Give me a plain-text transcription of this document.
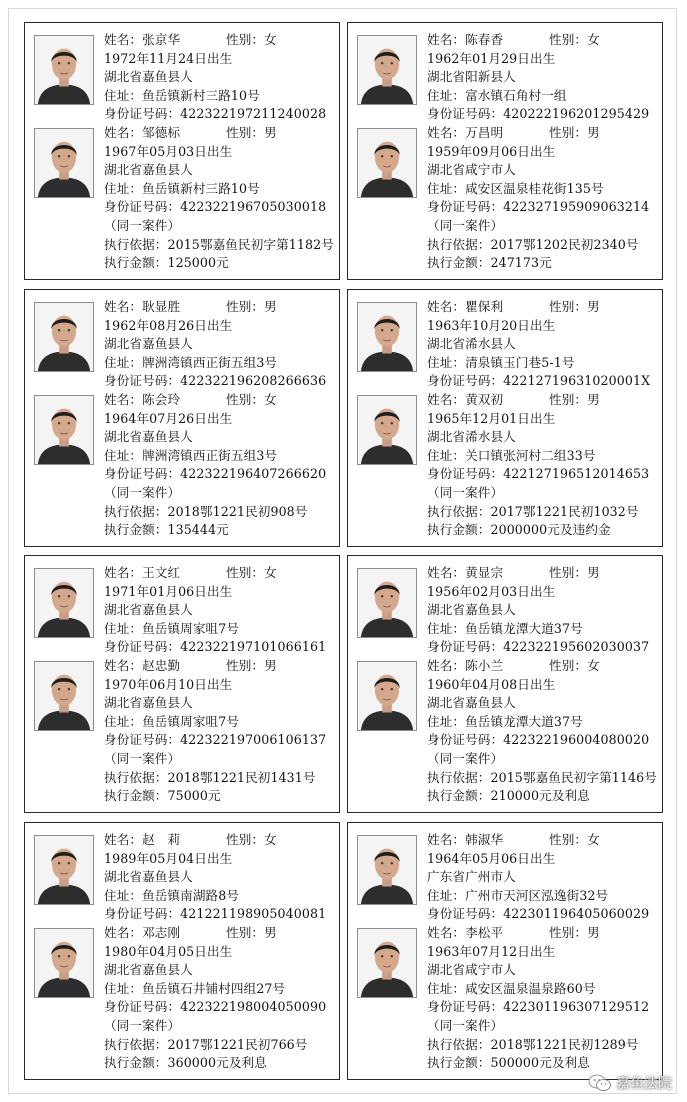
姓名：张京华	性别：女
1972年11月24日出生
湖北省嘉鱼县人
住址：鱼岳镇新村三路10号
身份证号码：422322197211240028
姓名：邹德标	性别：男
1967年05月03日出生
湖北省嘉鱼县人
住址：鱼岳镇新村三路10号
身份证号码：422322196705030018
（同一案件）
执行依据：2015鄂嘉鱼民初字第1182号
执行金额：125000元
姓名：陈春香	性别：女
1962年01月29日出生
湖北省阳新县人
住址：富水镇石角村一组
身份证号码：420222196201295429
姓名：万昌明	性别：男
1959年09月06日出生
湖北省咸宁市人
住址：咸安区温泉桂花街135号
身份证号码：422327195909063214
（同一案件）
执行依据：2017鄂1202民初2340号
执行金额：247173元
姓名：耿显胜	性别：男
1962年08月26日出生
湖北省嘉鱼县人
住址：牌洲湾镇西正街五组3号
身份证号码：422322196208266636
姓名：陈会玲	性别：女
1964年07月26日出生
湖北省嘉鱼县人
住址：牌洲湾镇西正街五组3号
身份证号码：422322196407266620
（同一案件）
执行依据：2018鄂1221民初908号
执行金额：135444元
姓名：瞿保利	性别：男
1963年10月20日出生
湖北省浠水县人
住址：清泉镇玉门巷5-1号
身份证号码：42212719631020001X
姓名：黄双初	性别：男
1965年12月01日出生
湖北省浠水县人
住址：关口镇张河村二组33号
身份证号码：422127196512014653
（同一案件）
执行依据：2017鄂1221民初1032号
执行金额：2000000元及违约金
姓名：王文红	性别：女
1971年01月06日出生
湖北省嘉鱼县人
住址：鱼岳镇周家咀7号
身份证号码：422322197101066161
姓名：赵忠勤	性别：男
1970年06月10日出生
湖北省嘉鱼县人
住址：鱼岳镇周家咀7号
身份证号码：422322197006106137
（同一案件）
执行依据：2018鄂1221民初1431号
执行金额：75000元
姓名：黄显宗	性别：男
1956年02月03日出生
湖北省嘉鱼县人
住址：鱼岳镇龙潭大道37号
身份证号码：422322195602030037
姓名：陈小兰	性别：女
1960年04月08日出生
湖北省嘉鱼县人
住址：鱼岳镇龙潭大道37号
身份证号码：422322196004080020
（同一案件）
执行依据：2015鄂嘉鱼民初字第1146号
执行金额：210000元及利息
姓名：赵　莉	性别：女
1989年05月04日出生
湖北省嘉鱼县人
住址：鱼岳镇南湖路8号
身份证号码：421221198905040081
姓名：邓志刚	性别：男
1980年04月05日出生
湖北省嘉鱼县人
住址：鱼岳镇石井铺村四组27号
身份证号码：422322198004050090
（同一案件）
执行依据：2017鄂1221民初766号
执行金额：360000元及利息
姓名：韩淑华	性别：女
1964年05月06日出生
广东省广州市人
住址：广州市天河区泓逸街32号
身份证号码：422301196405060029
姓名：李松平	性别：男
1963年07月12日出生
湖北省咸宁市人
住址：咸安区温泉温泉路60号
身份证号码：422301196307129512
（同一案件）
执行依据：2018鄂1221民初1289号
执行金额：500000元及利息
嘉鱼法院
